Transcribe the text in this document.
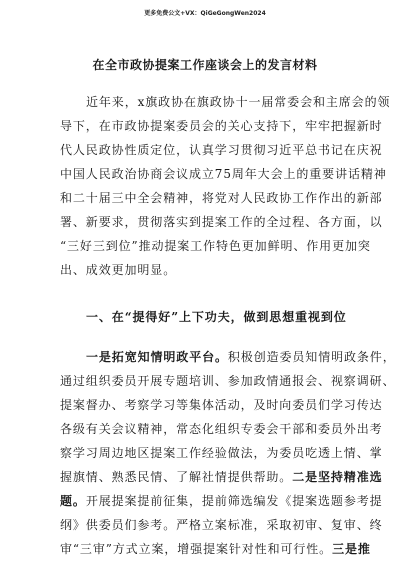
更多免费公文+VX：QiGeGongWen2024
在全市政协提案工作座谈会上的发言材料
近年来，x旗政协在旗政协十一届常委会和主席会的领
导下，在市政协提案委员会的关心支持下，牢牢把握新时
代人民政协性质定位，认真学习贯彻习近平总书记在庆祝
中国人民政治协商会议成立75周年大会上的重要讲话精神
和二十届三中全会精神，将党对人民政协工作作出的新部
署、新要求，贯彻落实到提案工作的全过程、各方面，以
“三好三到位”推动提案工作特色更加鲜明、作用更加突
出、成效更加明显。
一、在“提得好”上下功夫，做到思想重视到位
一是拓宽知情明政平台。积极创造委员知情明政条件，
通过组织委员开展专题培训、参加政情通报会、视察调研、
提案督办、考察学习等集体活动，及时向委员们学习传达
各级有关会议精神，常态化组织专委会干部和委员外出考
察学习周边地区提案工作经验做法，为委员吃透上情、掌
握旗情、熟悉民情、了解社情提供帮助。二是坚持精准选
题。开展提案提前征集，提前筛选编发《提案选题参考提
纲》供委员们参考。严格立案标准，采取初审、复审、终
审“三审”方式立案，增强提案针对性和可行性。三是推
